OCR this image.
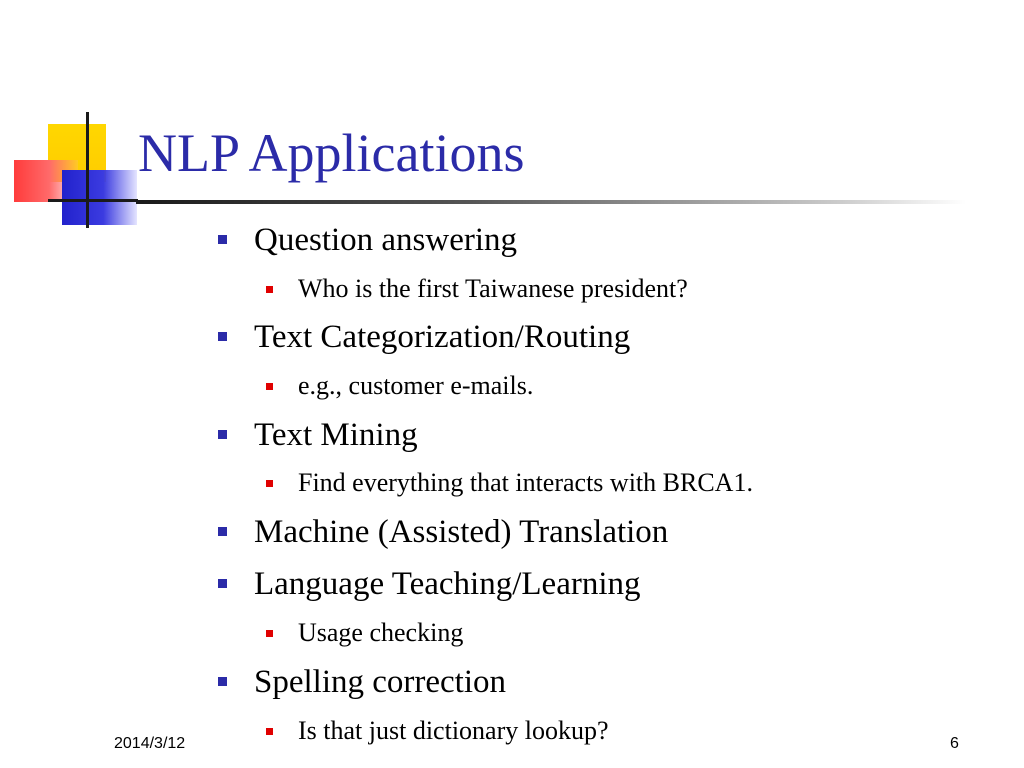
NLP Applications
Question answering
Who is the first Taiwanese president?
Text Categorization/Routing
e.g., customer e-mails.
Text Mining
Find everything that interacts with BRCA1.
Machine (Assisted) Translation
Language Teaching/Learning
Usage checking
Spelling correction
Is that just dictionary lookup?
2014/3/12	6
